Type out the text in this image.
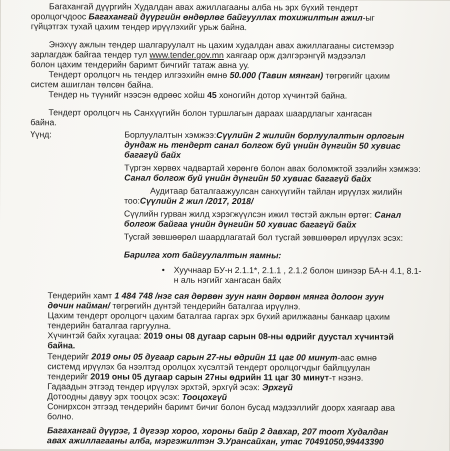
Багахангай дүүргийн Худалдан авах ажиллагааны алба нь эрх бүхий тендерт
оролцогчдоос Багахангай дүүргийн өндөрлөг байгууллах тохижилтын ажил-ыг
гүйцэтгэх тухай цахим тендер ирүүлэхийг урьж байна.
Энэхүү ажлын тендер шалгаруулалт нь цахим худалдан авах ажиллагааны системээр
зарлагдаж байгаа тендер тул www.tender.gov.mn хаягаар орж дэлгэрэнгүй мэдээлэл
болон цахим тендерийн баримт бичгийг татаж авна уу.
Тендерт оролцогч нь тендер илгээхийн өмнө 50.000 (Тавин мянган) төгрөгийг цахим
систем ашиглан төлсөн байна.
Тендер нь түүнийг нээсэн өдрөөс хойш 45 хоногийн дотор хүчинтэй байна.
Тендерт оролцогч нь Санхүүгийн болон туршлагын дараах шаардлагыг хангасан
байна.
Үүнд:	Борлуулалтын хэмжээ:Сүүлийн 2 жилийн борлуулалтын орлогын
дундаж нь тендерт санал болгож буй үнийн дүнгийн 50 хувиас
багагүй байх
Түргэн хөрвөх чадвартай хөрөнгө болон авах боломжтой зээлийн хэмжээ:
Санал болгож буй үнийн дүнгийн 50 хувиас багагүй байх
Аудитаар баталгаажуулсан санхүүгийн тайлан ирүүлэх жилийн
тоо:Сүүлийн 2 жил /2017, 2018/
Сүүлийн гурван жилд хэрэгжүүлсэн ижил төстэй ажлын өртөг: Санал
болгож байгаа үнийн дүнгийн 50 хувиас багагүй байх
Тусгай зөвшөөрөл шаардлагатай бол тусгай зөвшөөрөл ирүүлэх эсэх:
Барилга хот байгуулалтын яамны:
• Хуучнаар БУ-н 2.1.1*, 2.1.1 , 2.1.2 болон шинээр БА-н 4.1, 8.1-
н аль нэгийг хангасан байх
Тендерийн хамт 1 484 748 /нэг сая дөрвөн зуун наян дөрвөн мянга долоон зуун
дөчин найман/ төгрөгийн дүнтэй тендерийн баталгаа ирүүлнэ.
Цахим тендерт оролцогч цахим баталгаа гаргах эрх бүхий арилжааны банкаар цахим
тендерийн баталгаа гаргуулна.
Хүчинтэй байх хугацаа: 2019 оны 08 дугаар сарын 08-ны өдрийг дуустал хүчинтэй
байна.
Тендерийг 2019 оны 05 дугаар сарын 27-ны өдрийн 11 цаг 00 минут-аас өмнө
системд ирүүлэх ба нээлтэд оролцох хүсэлтэй тендерт оролцогчдыг байлцуулан
тендерийг 2019 оны 05 дугаар сарын 27ны өдрийн 11 цаг 30 минут-т нээнэ.
Гадаадын этгээд тендер ирүүлэх эрхтэй, эрхгүй эсэх: Эрхгүй
Дотоодны давуу эрх тооцох эсэх: Тооцохгүй
Сонирхсон этгээд тендерийн баримт бичиг болон бусад мэдээллийг доорх хаягаар ава
болно.
Багахангай дүүрэг, 1 дүгээр хороо, хороны байр 2 давхар, 207 тоот Худалдан
авах ажиллагааны алба, мэргэжилтэн Э.Урансайхан, утас 70491050,99443390
